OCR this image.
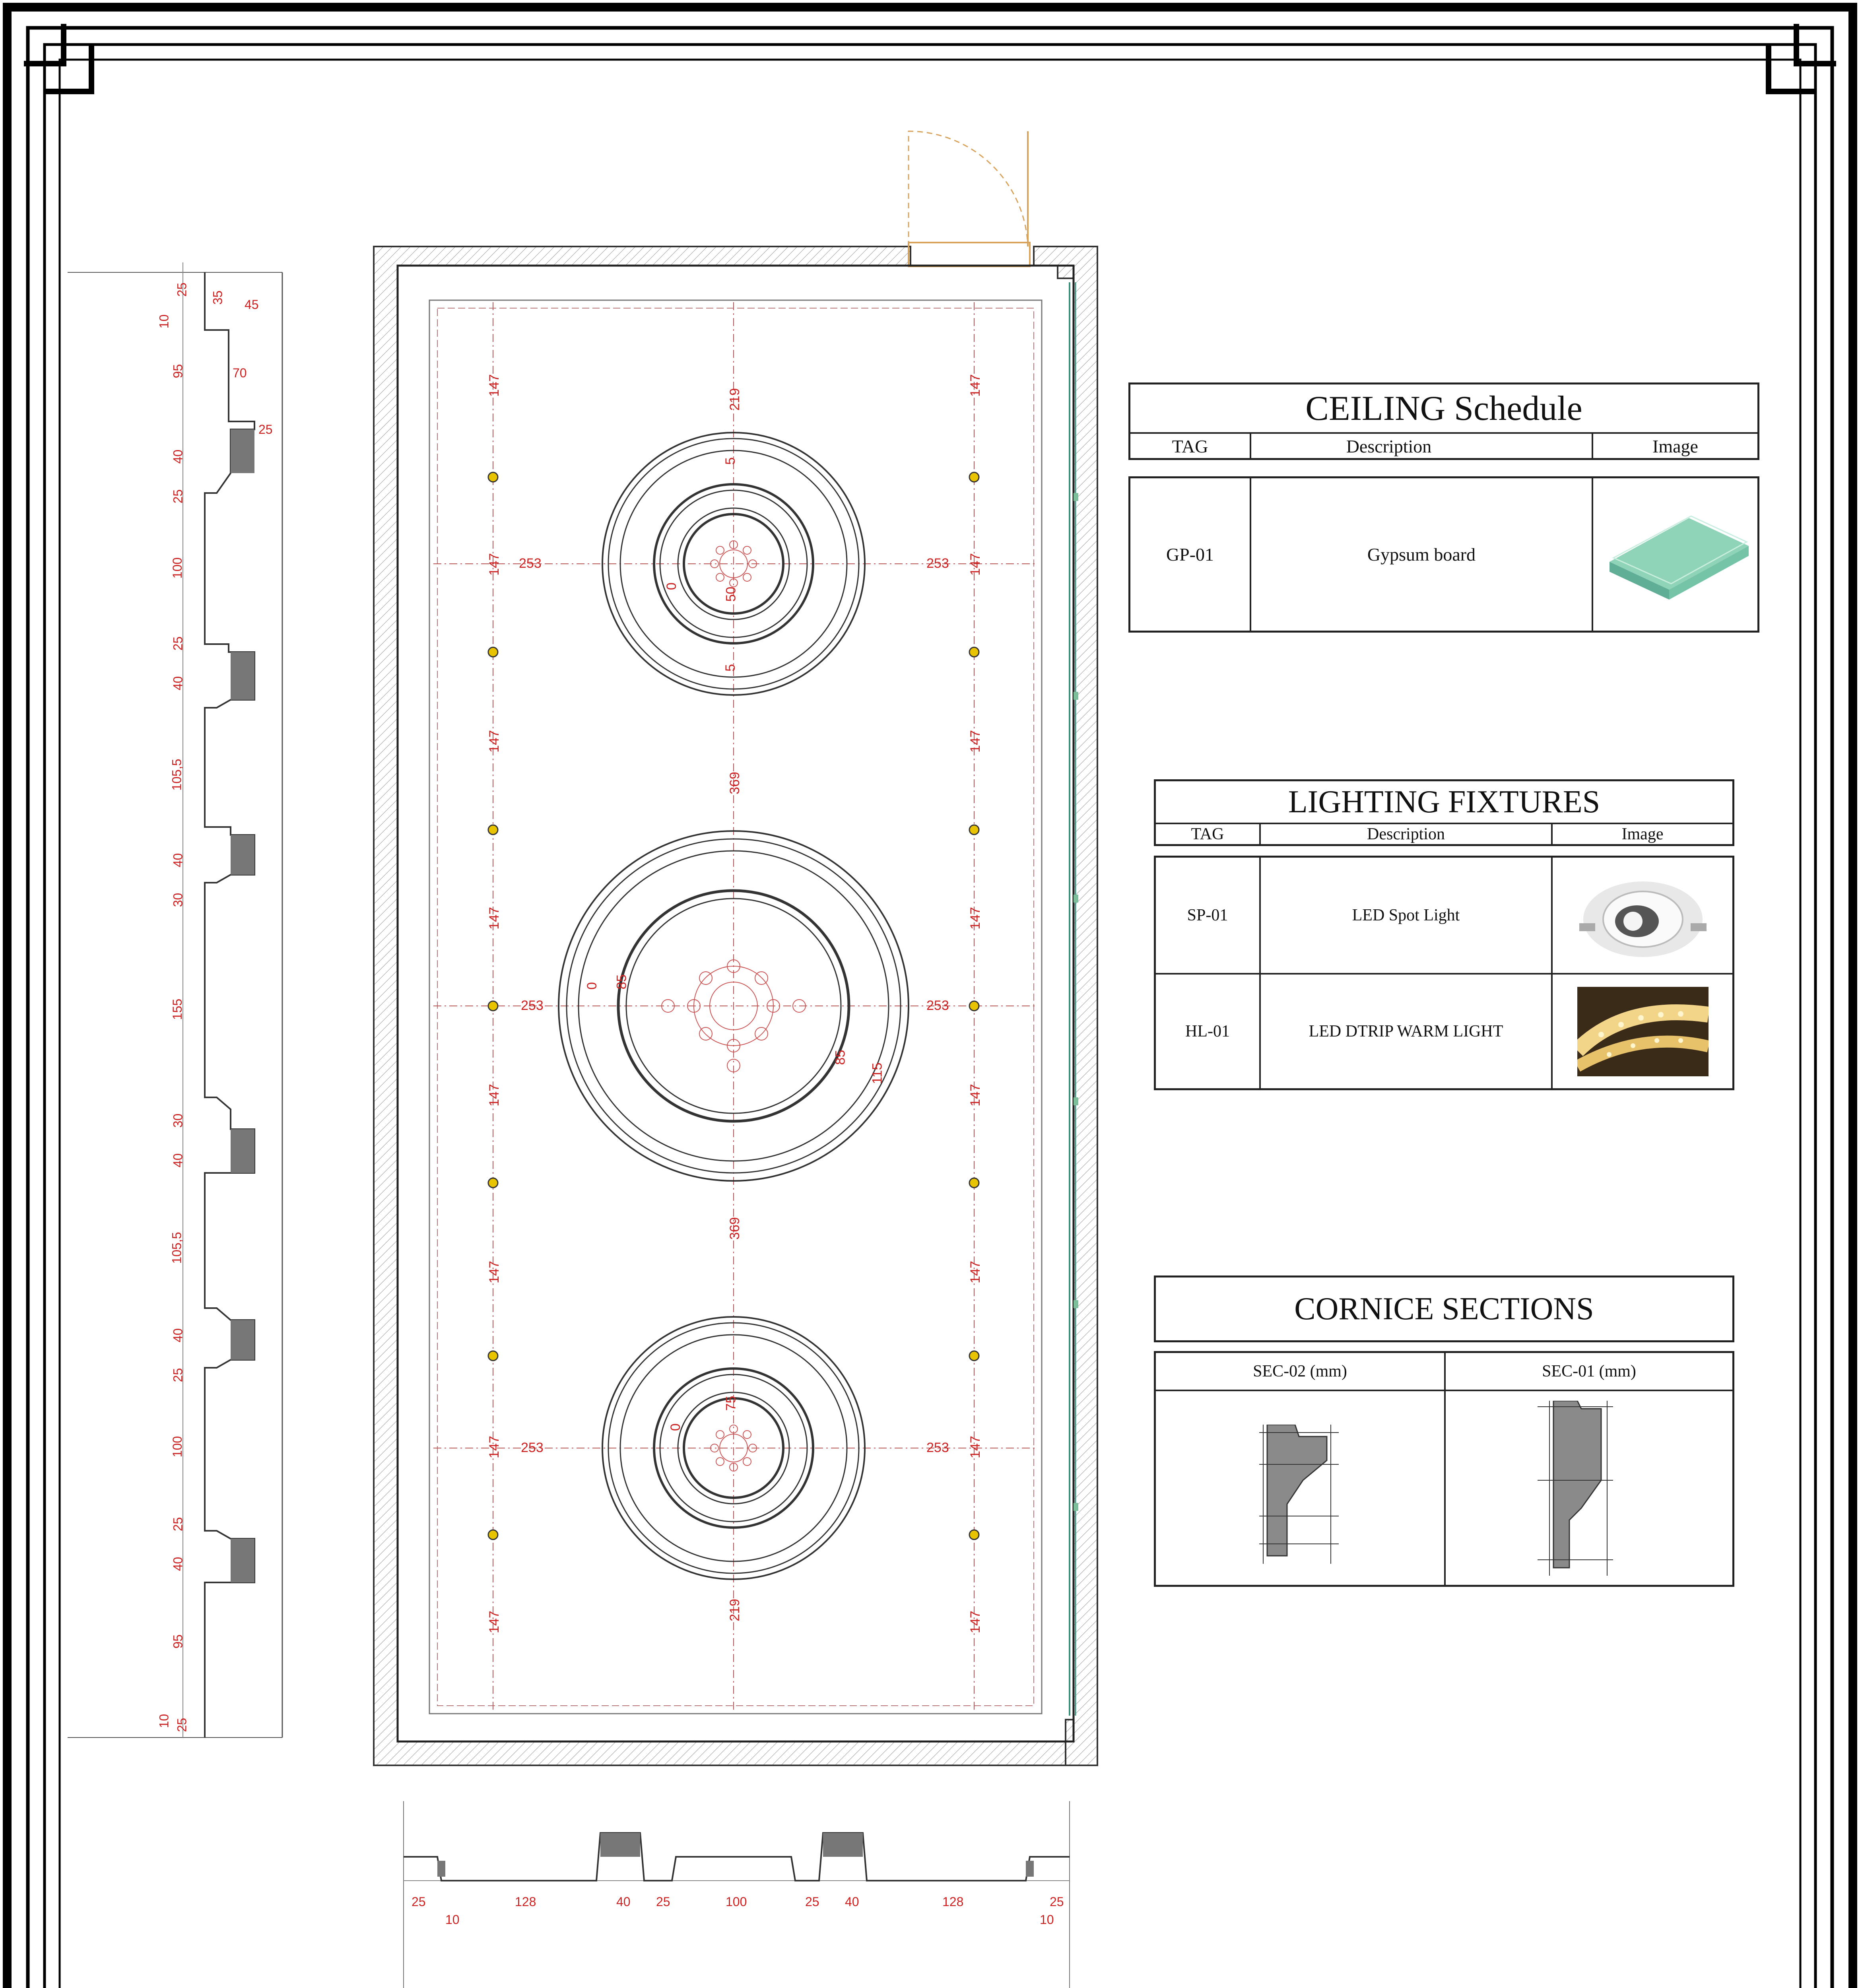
147	147
219
147	147
253	253
5
50
0
5
147	147
369
147	147
85
0
253	253
85
115
147	147
369
147	147
75
0
253	253
147	147
219
147	147
25
10
35 45
95	70
25
40
25
100
25
40
105,5
40
30
155
30
40
105,5
40
25
100
25
40
95
10 25
25
10
128	40 25	100	25 40	128	25
10
CEILING Schedule
TAG	Description	Image
GP-01	Gypsum board
LIGHTING FIXTURES
TAG	Description	Image
SP-01	LED Spot Light
HL-01	LED DTRIP WARM LIGHT
CORNICE SECTIONS
SEC-02 (mm)	SEC-01 (mm)
